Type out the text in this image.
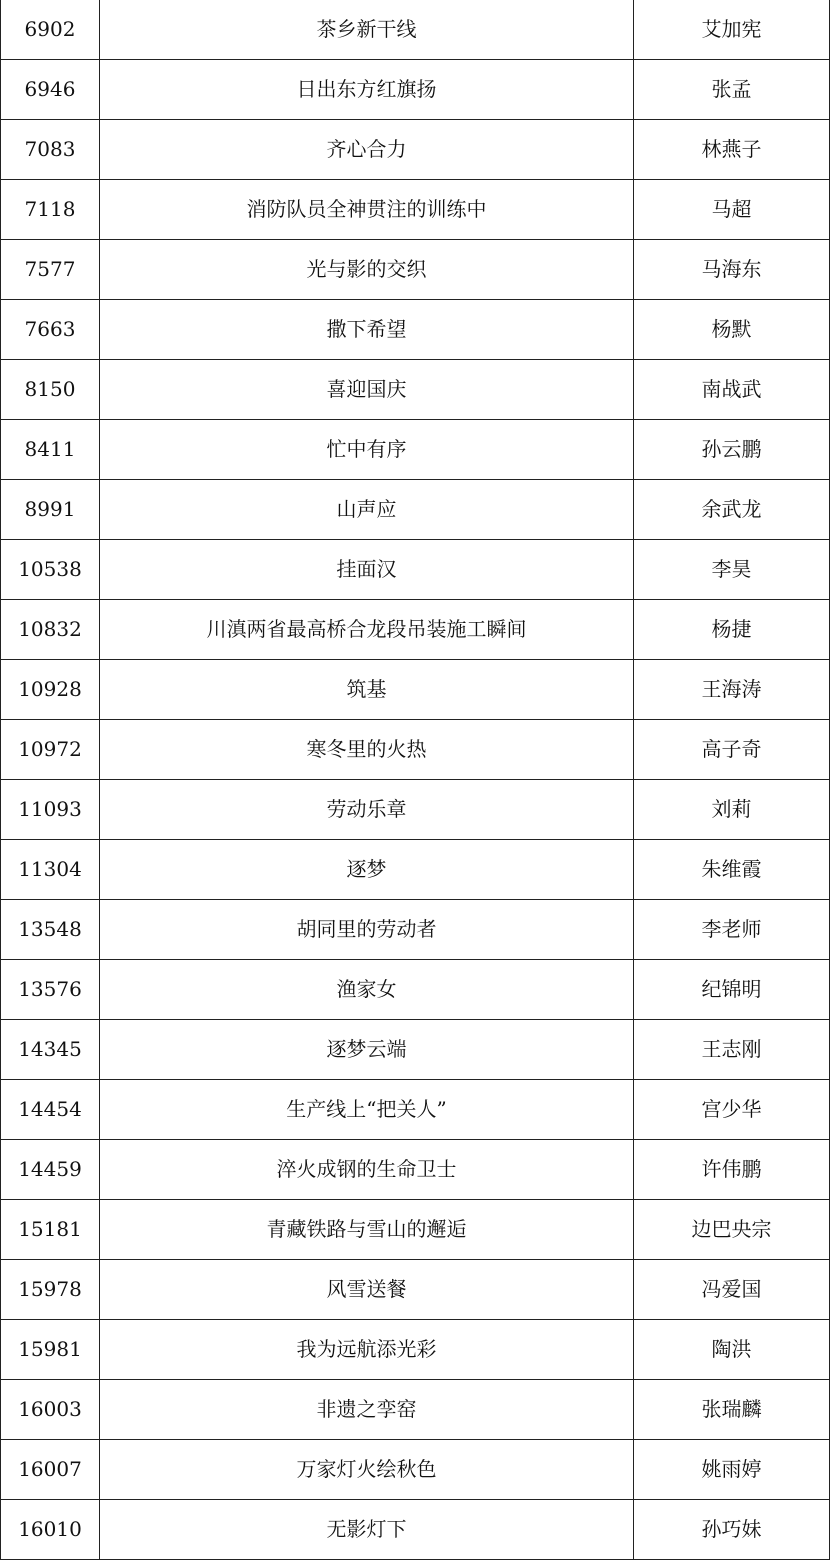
6902	茶乡新干线	艾加宪
6946	日出东方红旗扬	张孟
7083	齐心合力	林燕子
7118	消防队员全神贯注的训练中	马超
7577	光与影的交织	马海东
7663	撒下希望	杨默
8150	喜迎国庆	南战武
8411	忙中有序	孙云鹏
8991	山声应	余武龙
10538	挂面汉	李昊
10832	川滇两省最高桥合龙段吊装施工瞬间	杨捷
10928	筑基	王海涛
10972	寒冬里的火热	高子奇
11093	劳动乐章	刘莉
11304	逐梦	朱维霞
13548	胡同里的劳动者	李老师
13576	渔家女	纪锦明
14345	逐梦云端	王志刚
14454	生产线上“把关人”	宫少华
14459	淬火成钢的生命卫士	许伟鹏
15181	青藏铁路与雪山的邂逅	边巴央宗
15978	风雪送餐	冯爱国
15981	我为远航添光彩	陶洪
16003	非遗之孪窑	张瑞麟
16007	万家灯火绘秋色	姚雨婷
16010	无影灯下	孙巧妹
